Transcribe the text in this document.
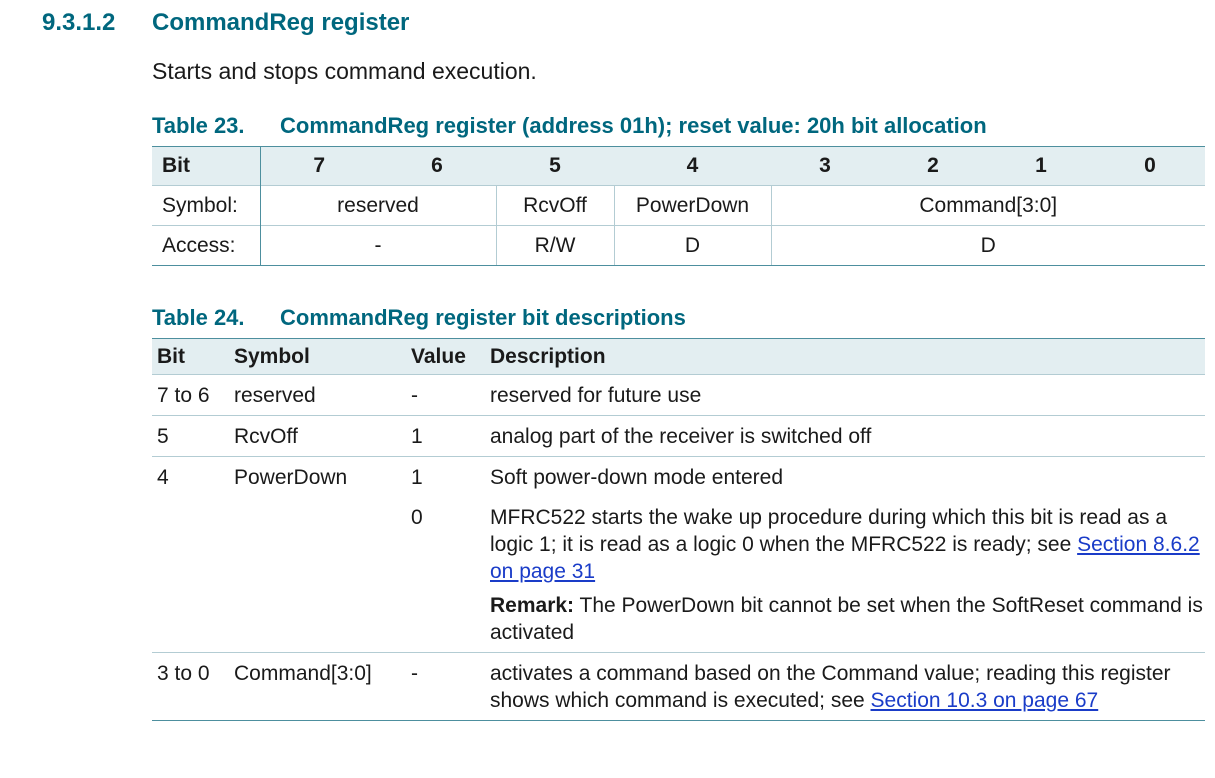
9.3.1.2 CommandReg register
Starts and stops command execution.
Table 23. CommandReg register (address 01h); reset value: 20h bit allocation
Bit	7	6	5	4	3	2	1	0
Symbol:	reserved		RcvOff	PowerDown	Command[3:0]			
Access:	-		R/W	D	D			
Table 24. CommandReg register bit descriptions
Bit	Symbol	Value	Description
7 to 6	reserved	-	reserved for future use
5	RcvOff	1	analog part of the receiver is switched off
4	PowerDown	1	Soft power-down mode entered
		0	MFRC522 starts the wake up procedure during which this bit is read as a logic 1; it is read as a logic 0 when the MFRC522 is ready; see Section 8.6.2 on page 31
Remark: The PowerDown bit cannot be set when the SoftReset command is activated

3 to 0	Command[3:0]	-	activates a command based on the Command value; reading this register shows which command is executed; see Section 10.3 on page 67
